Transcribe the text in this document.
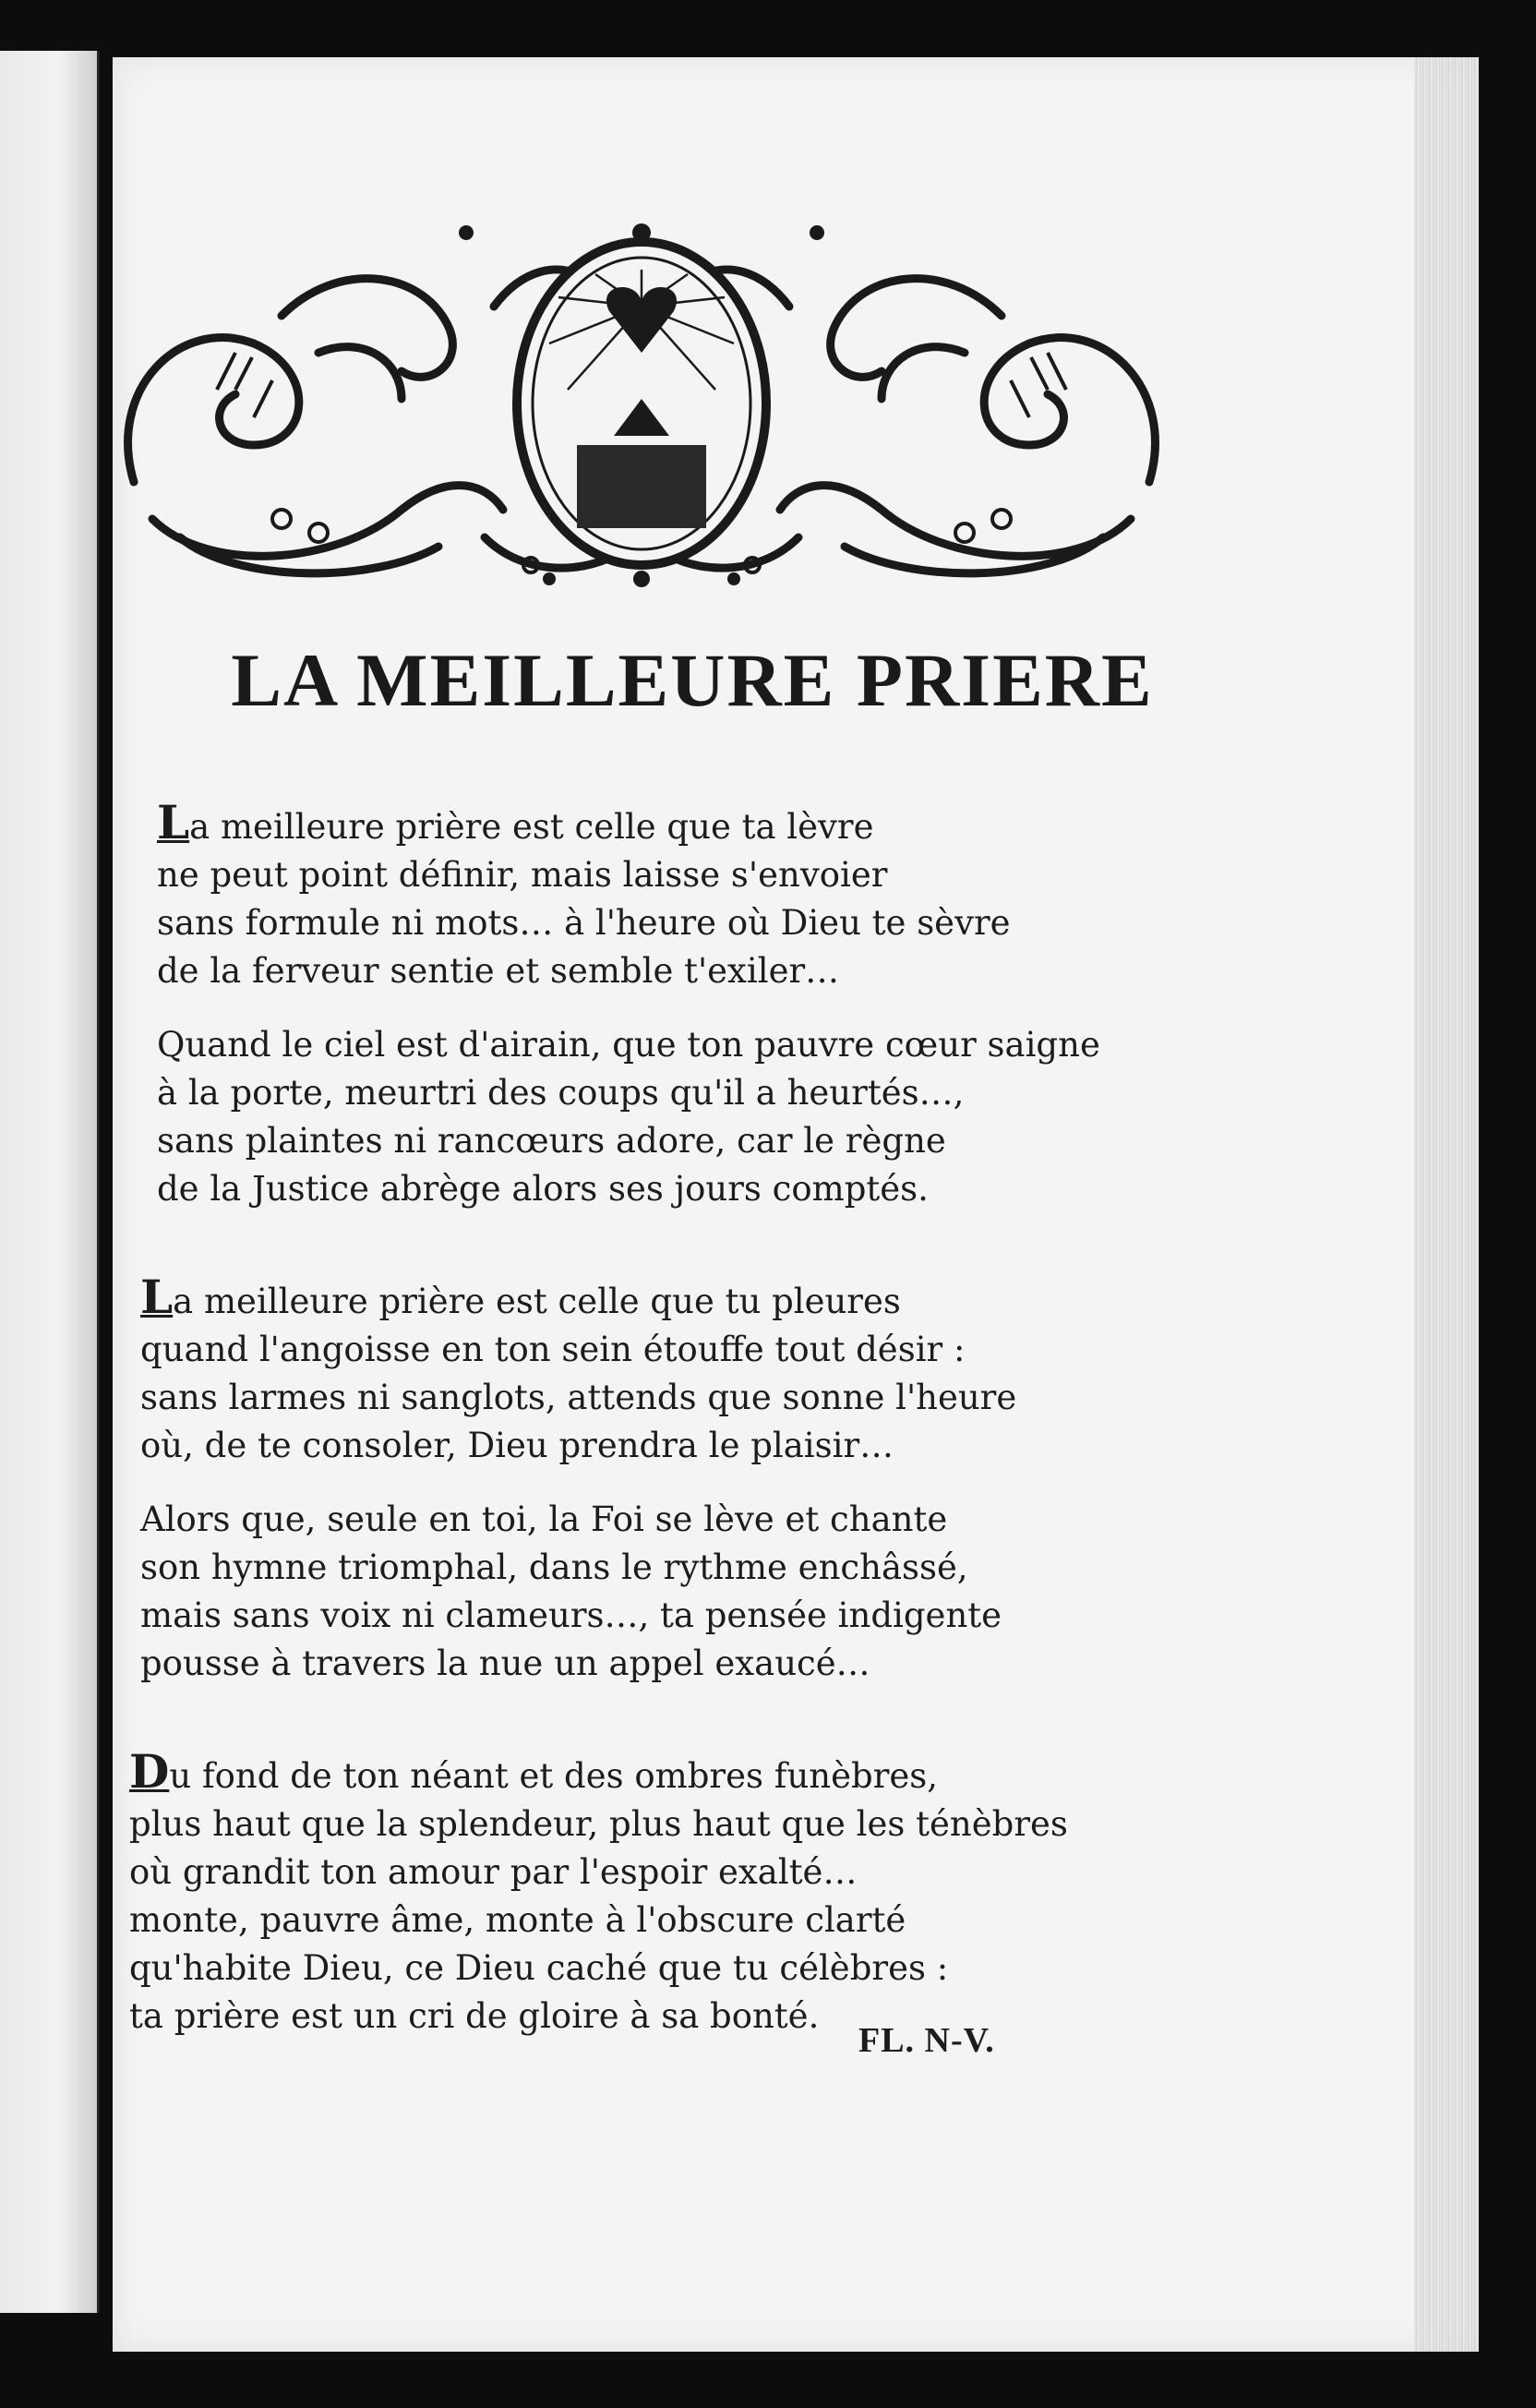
LA MEILLEURE PRIERE
La meilleure prière est celle que ta lèvre
ne peut point définir, mais laisse s'envoier
sans formule ni mots… à l'heure où Dieu te sèvre
de la ferveur sentie et semble t'exiler…
Quand le ciel est d'airain, que ton pauvre cœur saigne
à la porte, meurtri des coups qu'il a heurtés…,
sans plaintes ni rancœurs adore, car le règne
de la Justice abrège alors ses jours comptés.
La meilleure prière est celle que tu pleures
quand l'angoisse en ton sein étouffe tout désir :
sans larmes ni sanglots, attends que sonne l'heure
où, de te consoler, Dieu prendra le plaisir…
Alors que, seule en toi, la Foi se lève et chante
son hymne triomphal, dans le rythme enchâssé,
mais sans voix ni clameurs…, ta pensée indigente
pousse à travers la nue un appel exaucé…
Du fond de ton néant et des ombres funèbres,
plus haut que la splendeur, plus haut que les ténèbres
où grandit ton amour par l'espoir exalté…
monte, pauvre âme, monte à l'obscure clarté
qu'habite Dieu, ce Dieu caché que tu célèbres :
ta prière est un cri de gloire à sa bonté.
FL. N-V.
